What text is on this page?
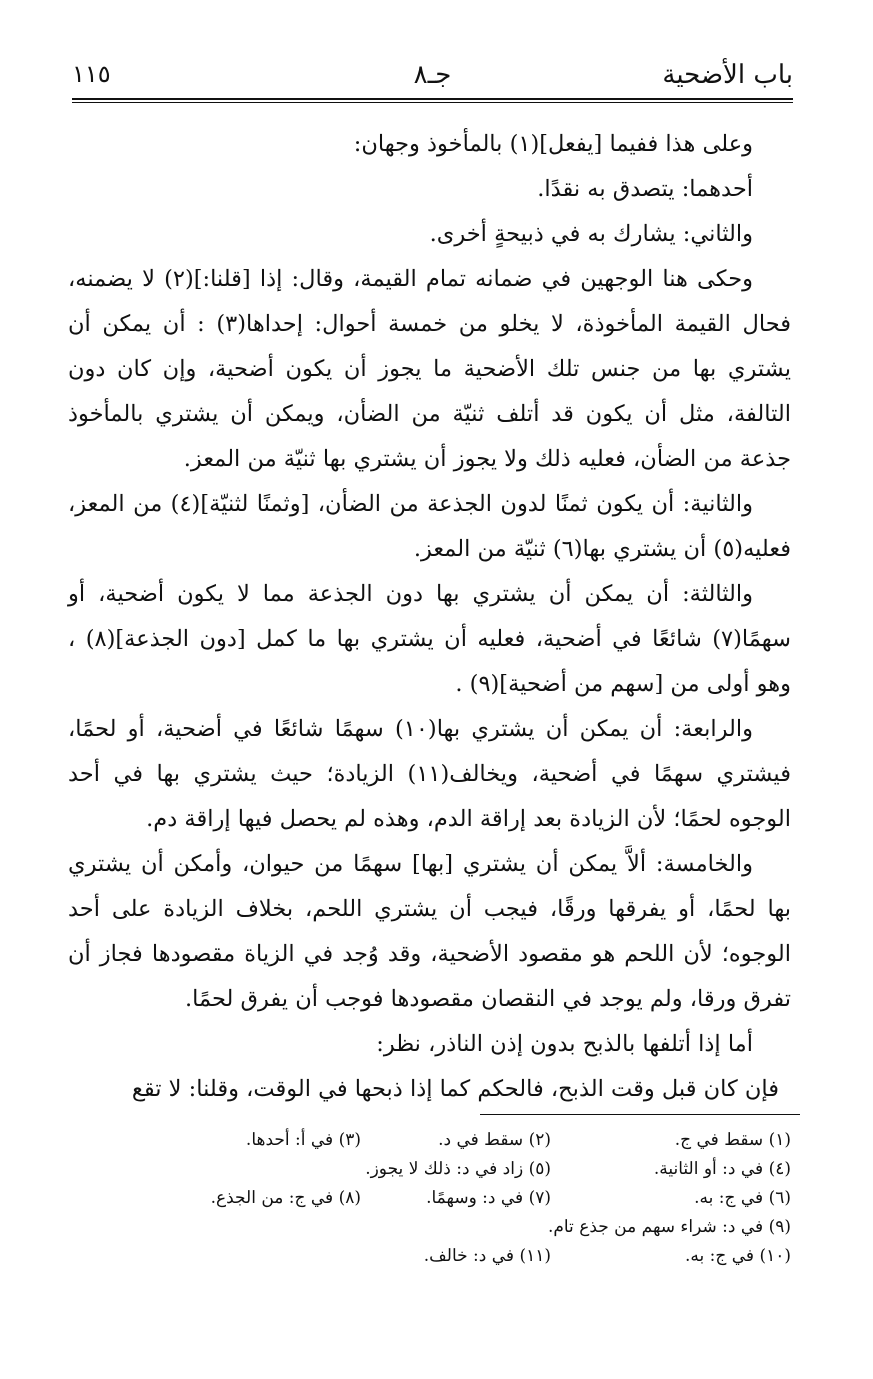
باب الأضحية
جـ٨
١١٥

وعلى هذا ففيما [يفعل](١) بالمأخوذ وجهان:

أحدهما: يتصدق به نقدًا.

والثاني: يشارك به في ذبيحةٍ أخرى.

وحكى هنا الوجهين في ضمانه تمام القيمة، وقال: إذا [قلنا:](٢) لا يضمنه، فحال القيمة المأخوذة، لا يخلو من خمسة أحوال: إحداها(٣) : أن يمكن أن يشتري بها من جنس تلك الأضحية ما يجوز أن يكون أضحية، وإن كان دون التالفة، مثل أن يكون قد أتلف ثنيّة من الضأن، ويمكن أن يشتري بالمأخوذ جذعة من الضأن، فعليه ذلك ولا يجوز أن يشتري بها ثنيّة من المعز.

والثانية: أن يكون ثمنًا لدون الجذعة من الضأن، [وثمنًا لثنيّة](٤) من المعز، فعليه(٥) أن يشتري بها(٦) ثنيّة من المعز.

والثالثة: أن يمكن أن يشتري بها دون الجذعة مما لا يكون أضحية، أو سهمًا(٧) شائعًا في أضحية، فعليه أن يشتري بها ما كمل [دون الجذعة](٨) ، وهو أولى من [سهم من أضحية](٩) .

والرابعة: أن يمكن أن يشتري بها(١٠) سهمًا شائعًا في أضحية، أو لحمًا، فيشتري سهمًا في أضحية، ويخالف(١١) الزيادة؛ حيث يشتري بها في أحد الوجوه لحمًا؛ لأن الزيادة بعد إراقة الدم، وهذه لم يحصل فيها إراقة دم.

والخامسة: ألاَّ يمكن أن يشتري [بها] سهمًا من حيوان، وأمكن أن يشتري بها لحمًا، أو يفرقها ورقًا، فيجب أن يشتري اللحم، بخلاف الزيادة على أحد الوجوه؛ لأن اللحم هو مقصود الأضحية، وقد وُجد في الزياة مقصودها فجاز أن تفرق ورقا، ولم يوجد في النقصان مقصودها فوجب أن يفرق لحمًا.

أما إذا أتلفها بالذبح بدون إذن الناذر، نظر:

فإن كان قبل وقت الذبح، فالحكم كما إذا ذبحها في الوقت، وقلنا: لا تقع

(١) سقط في ج.
(٢) سقط في د.
(٣) في أ: أحدها.
(٤) في د: أو الثانية.
(٥) زاد في د: ذلك لا يجوز.
(٦) في ج: به.
(٧) في د: وسهمًا.
(٨) في ج: من الجذع.
(٩) في د: شراء سهم من جذع تام.
(١٠) في ج: به.
(١١) في د: خالف.
